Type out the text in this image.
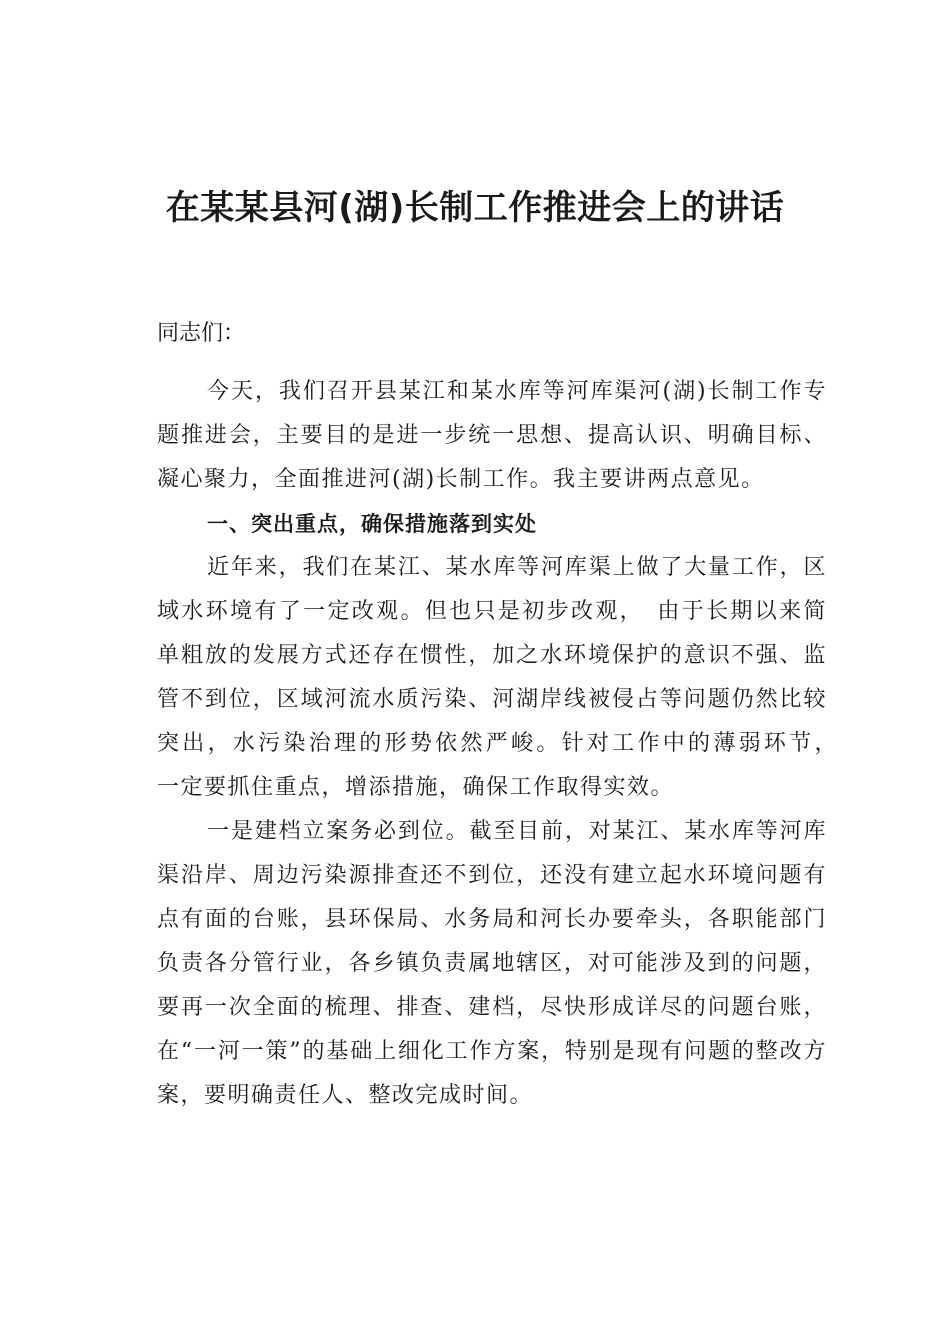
在某某县河(湖)长制工作推进会上的讲话

同志们：

今天，我们召开县某江和某水库等河库渠河(湖)长制工作专题推进会，主要目的是进一步统一思想、提高认识、明确目标、凝心聚力，全面推进河(湖)长制工作。我主要讲两点意见。

一、突出重点，确保措施落到实处

近年来，我们在某江、某水库等河库渠上做了大量工作，区域水环境有了一定改观。但也只是初步改观，　由于长期以来简单粗放的发展方式还存在惯性，加之水环境保护的意识不强、监管不到位，区域河流水质污染、河湖岸线被侵占等问题仍然比较突出，水污染治理的形势依然严峻。针对工作中的薄弱环节，　一定要抓住重点，增添措施，确保工作取得实效。

一是建档立案务必到位。截至目前，对某江、某水库等河库渠沿岸、周边污染源排查还不到位，还没有建立起水环境问题有点有面的台账，县环保局、水务局和河长办要牵头，各职能部门负责各分管行业，各乡镇负责属地辖区，对可能涉及到的问题，要再一次全面的梳理、排查、建档，尽快形成详尽的问题台账，在“一河一策”的基础上细化工作方案，特别是现有问题的整改方案，要明确责任人、整改完成时间。
